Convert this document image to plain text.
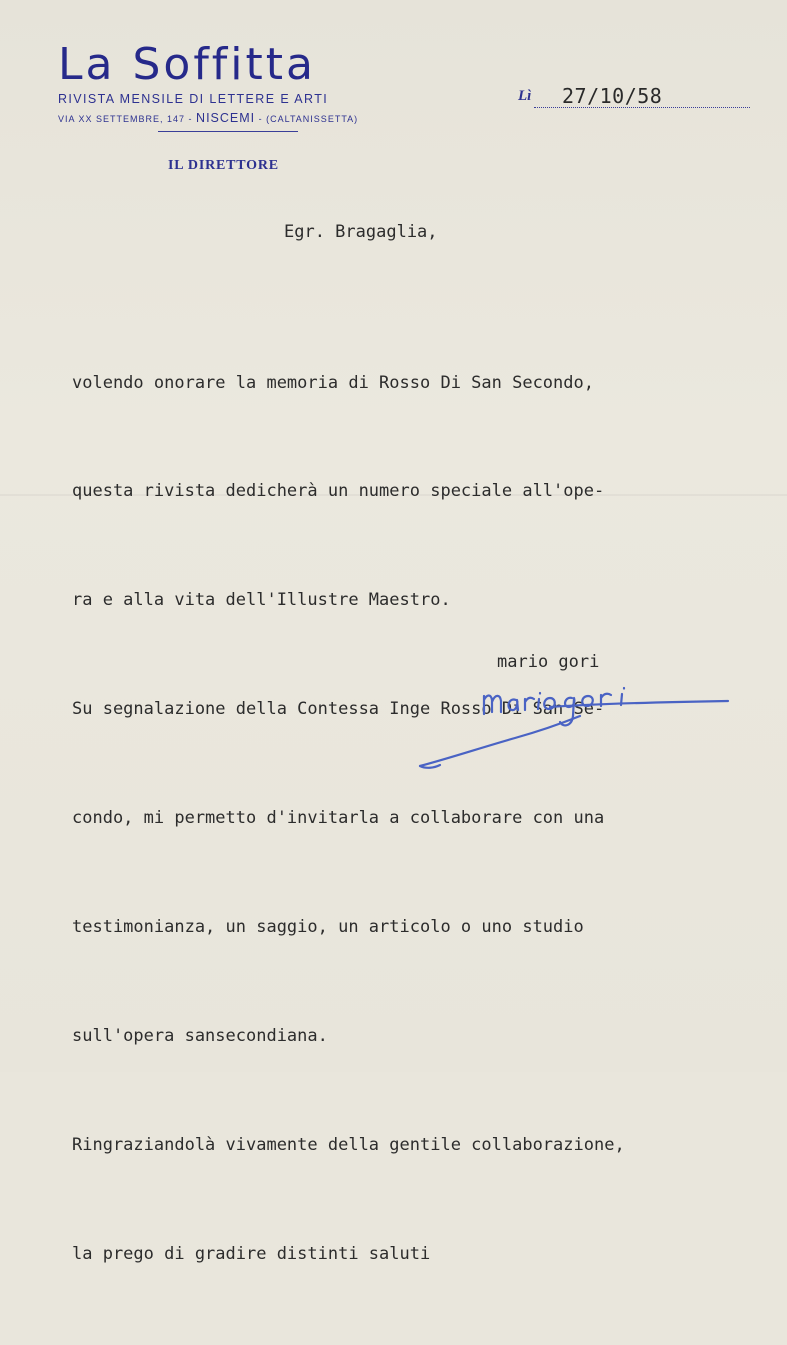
La Soffitta
RIVISTA MENSILE DI LETTERE E ARTI
VIA XX SETTEMBRE, 147 - NISCEMI - (CALTANISSETTA)
IL DIRETTORE
Lì 27/10/58
Egr. Bragaglia,

volendo onorare la memoria di Rosso Di San Secondo,

questa rivista dedicherà un numero speciale all'ope-

ra e alla vita dell'Illustre Maestro.

Su segnalazione della Contessa Inge Rosso Di San Se-

condo, mi permetto d'invitarla a collaborare con una

testimonianza, un saggio, un articolo o uno studio

sull'opera sansecondiana.

Ringraziandolà vivamente della gentile collaborazione,

la prego di gradire distinti saluti

mario gori
